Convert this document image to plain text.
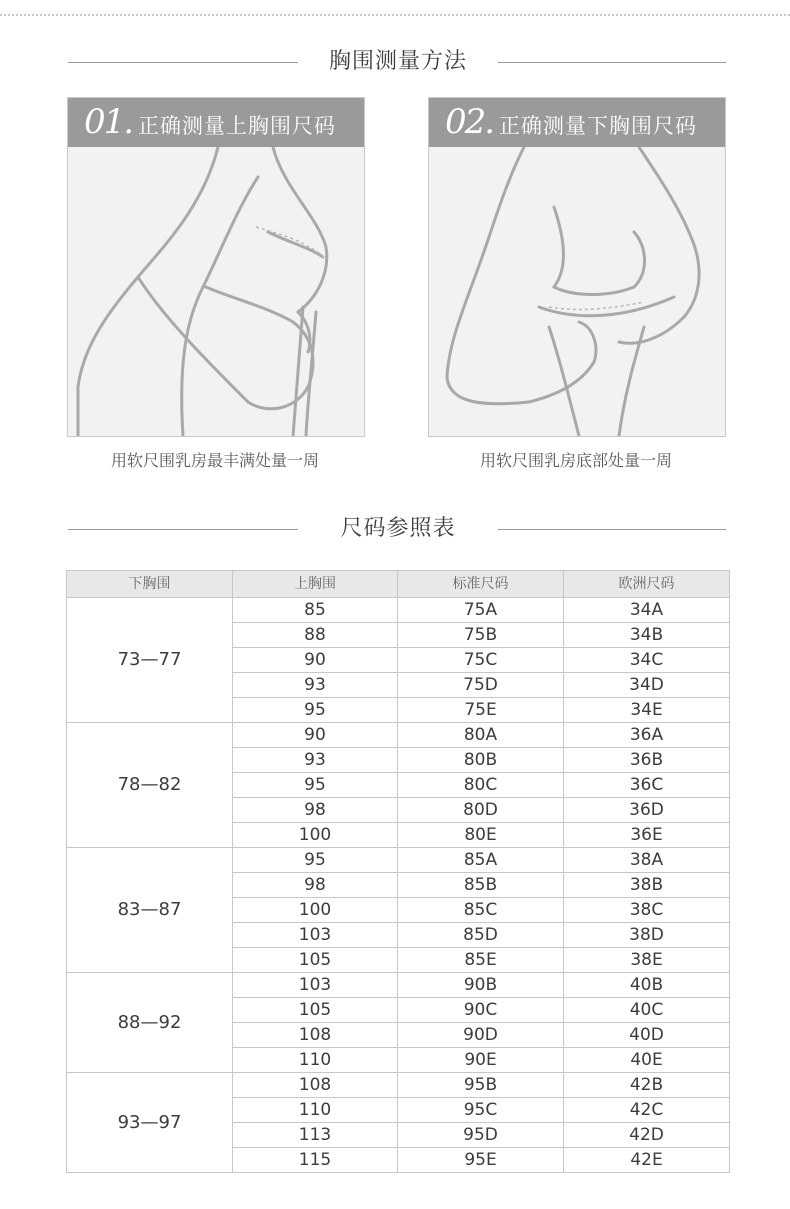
胸围测量方法
01. 正确测量上胸围尺码
用软尺围乳房最丰满处量一周
02. 正确测量下胸围尺码
用软尺围乳房底部处量一周
尺码参照表
下胸围	上胸围	标准尺码	欧洲尺码
73—77	85	75A	34A
	88	75B	34B
	90	75C	34C
	93	75D	34D
	95	75E	34E
78—82	90	80A	36A
	93	80B	36B
	95	80C	36C
	98	80D	36D
	100	80E	36E
83—87	95	85A	38A
	98	85B	38B
	100	85C	38C
	103	85D	38D
	105	85E	38E
88—92	103	90B	40B
	105	90C	40C
	108	90D	40D
	110	90E	40E
93—97	108	95B	42B
	110	95C	42C
	113	95D	42D
	115	95E	42E
